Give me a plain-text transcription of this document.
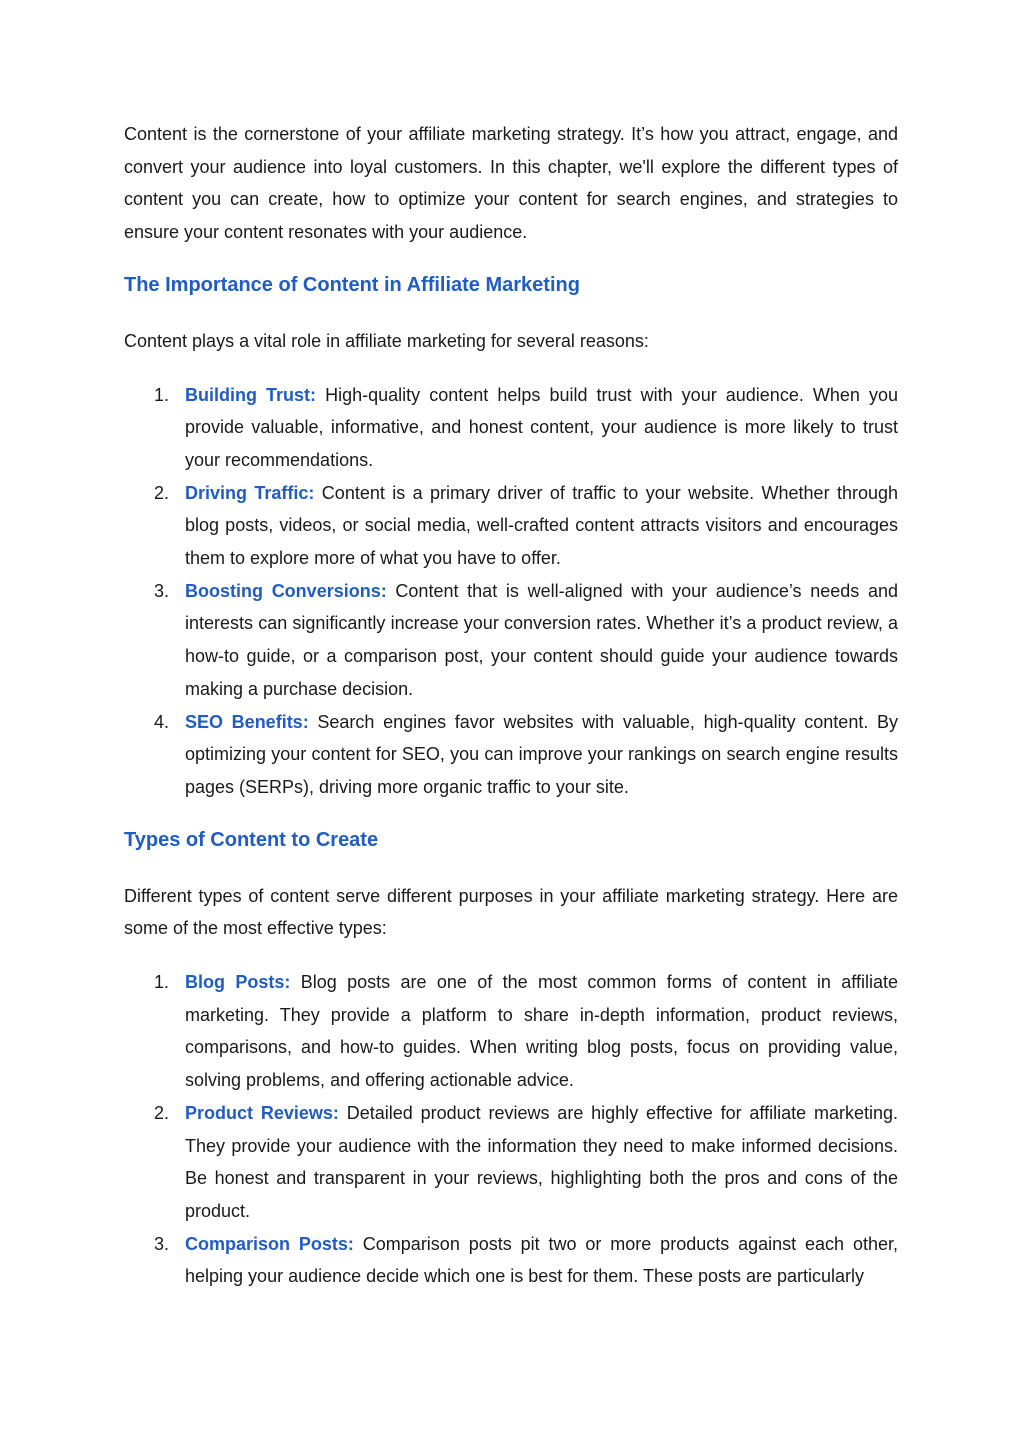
Content is the cornerstone of your affiliate marketing strategy. It’s how you attract, engage, and convert your audience into loyal customers. In this chapter, we'll explore the different types of content you can create, how to optimize your content for search engines, and strategies to ensure your content resonates with your audience.

The Importance of Content in Affiliate Marketing

Content plays a vital role in affiliate marketing for several reasons:

1. Building Trust: High-quality content helps build trust with your audience. When you provide valuable, informative, and honest content, your audience is more likely to trust your recommendations.
2. Driving Traffic: Content is a primary driver of traffic to your website. Whether through blog posts, videos, or social media, well-crafted content attracts visitors and encourages them to explore more of what you have to offer.
3. Boosting Conversions: Content that is well-aligned with your audience’s needs and interests can significantly increase your conversion rates. Whether it’s a product review, a how-to guide, or a comparison post, your content should guide your audience towards making a purchase decision.
4. SEO Benefits: Search engines favor websites with valuable, high-quality content. By optimizing your content for SEO, you can improve your rankings on search engine results pages (SERPs), driving more organic traffic to your site.
Types of Content to Create

Different types of content serve different purposes in your affiliate marketing strategy. Here are some of the most effective types:

1. Blog Posts: Blog posts are one of the most common forms of content in affiliate marketing. They provide a platform to share in-depth information, product reviews, comparisons, and how-to guides. When writing blog posts, focus on providing value, solving problems, and offering actionable advice.
2. Product Reviews: Detailed product reviews are highly effective for affiliate marketing. They provide your audience with the information they need to make informed decisions. Be honest and transparent in your reviews, highlighting both the pros and cons of the product.
3. Comparison Posts: Comparison posts pit two or more products against each other, helping your audience decide which one is best for them. These posts are particularly
